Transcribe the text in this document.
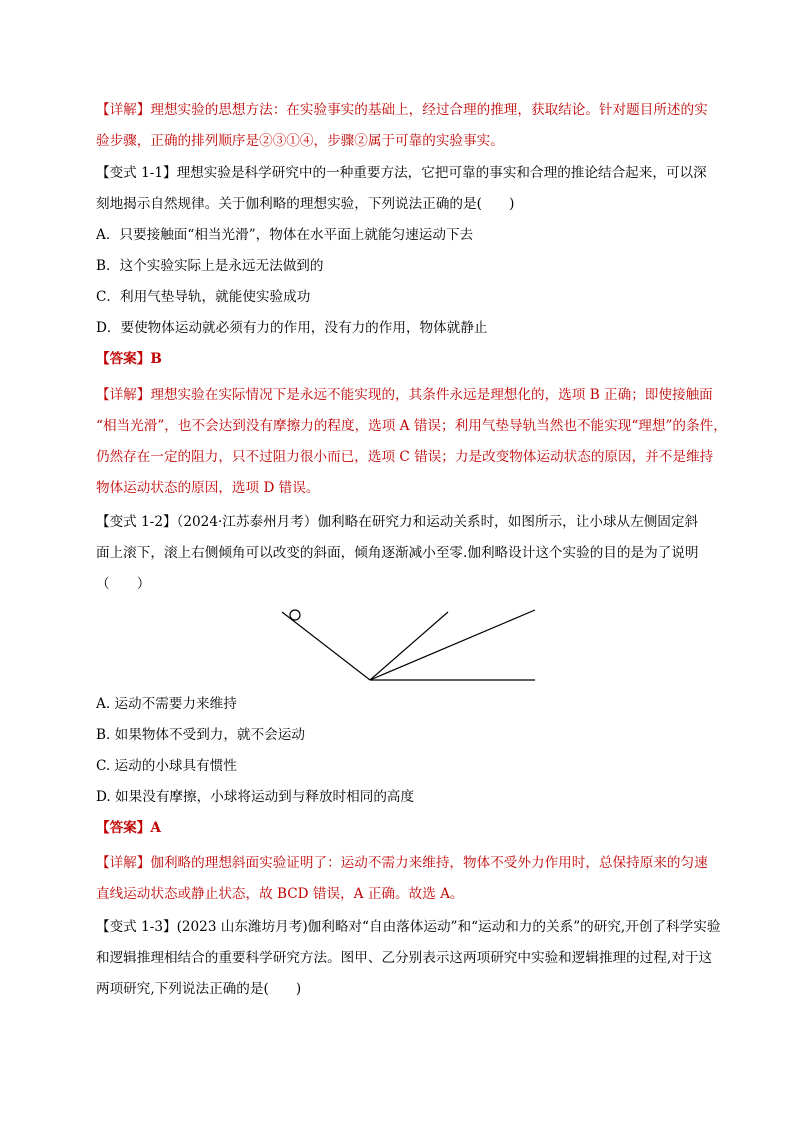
【详解】理想实验的思想方法：在实验事实的基础上，经过合理的推理，获取结论。针对题目所述的实
验步骤，正确的排列顺序是②③①④，步骤②属于可靠的实验事实。
【变式 1-1】理想实验是科学研究中的一种重要方法，它把可靠的事实和合理的推论结合起来，可以深
刻地揭示自然规律。关于伽利略的理想实验，下列说法正确的是(　　)
A．只要接触面“相当光滑”，物体在水平面上就能匀速运动下去
B．这个实验实际上是永远无法做到的
C．利用气垫导轨，就能使实验成功
D．要使物体运动就必须有力的作用，没有力的作用，物体就静止
【答案】B
【详解】理想实验在实际情况下是永远不能实现的，其条件永远是理想化的，选项 B 正确；即使接触面
“相当光滑”，也不会达到没有摩擦力的程度，选项 A 错误；利用气垫导轨当然也不能实现“理想”的条件，
仍然存在一定的阻力，只不过阻力很小而已，选项 C 错误；力是改变物体运动状态的原因，并不是维持
物体运动状态的原因，选项 D 错误。
【变式 1-2】（2024·江苏泰州月考）伽利略在研究力和运动关系时，如图所示，让小球从左侧固定斜
面上滚下，滚上右侧倾角可以改变的斜面，倾角逐渐减小至零.伽利略设计这个实验的目的是为了说明
（　　）
A. 运动不需要力来维持
B. 如果物体不受到力，就不会运动
C. 运动的小球具有惯性
D. 如果没有摩擦，小球将运动到与释放时相同的高度
【答案】A
【详解】伽利略的理想斜面实验证明了：运动不需力来维持，物体不受外力作用时，总保持原来的匀速
直线运动状态或静止状态，故 BCD 错误，A 正确。故选 A。
【变式 1-3】(2023 山东潍坊月考)伽利略对“自由落体运动”和“运动和力的关系”的研究,开创了科学实验
和逻辑推理相结合的重要科学研究方法。图甲、乙分别表示这两项研究中实验和逻辑推理的过程,对于这
两项研究,下列说法正确的是(　　)
